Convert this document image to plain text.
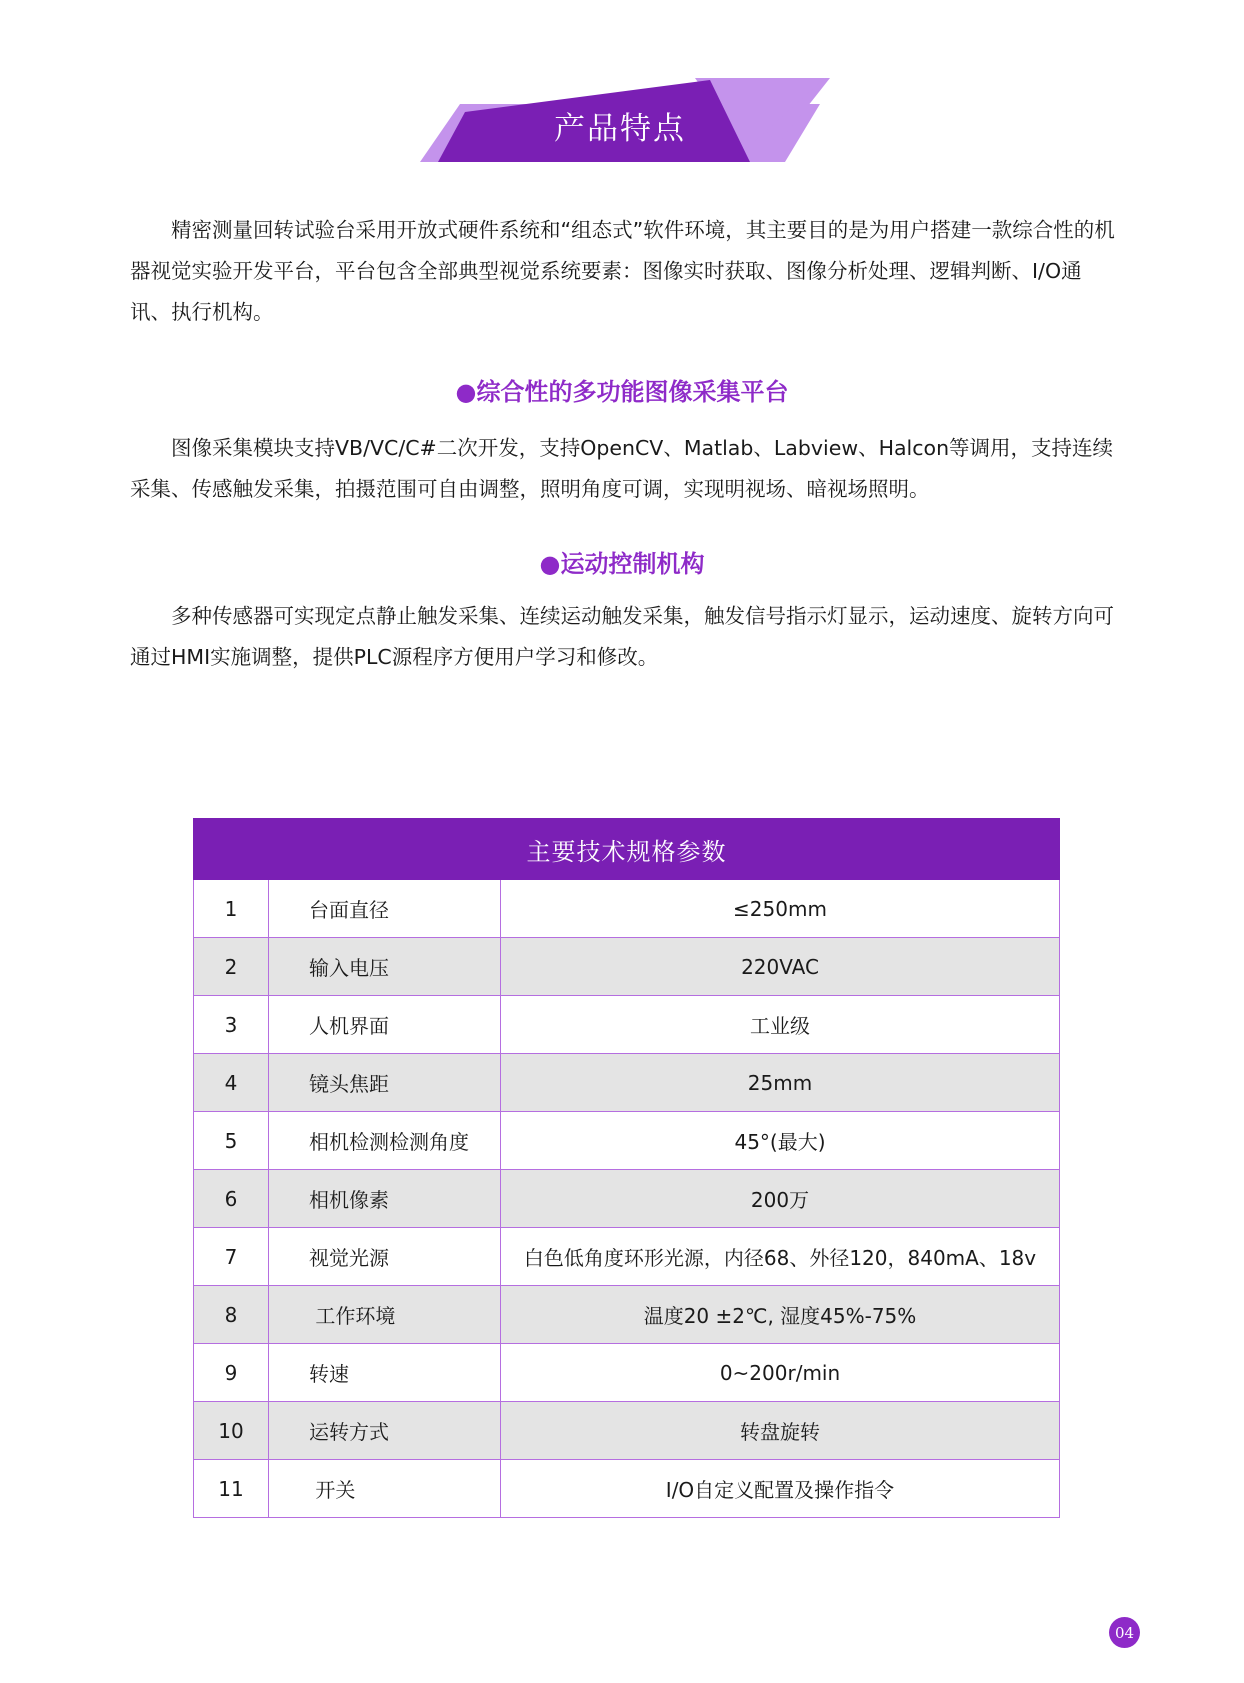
产品特点

精密测量回转试验台采用开放式硬件系统和“组态式”软件环境，其主要目的是为用户搭建一款综合性的机器视觉实验开发平台，平台包含全部典型视觉系统要素：图像实时获取、图像分析处理、逻辑判断、I/O通讯、执行机构。

●综合性的多功能图像采集平台

图像采集模块支持VB/VC/C#二次开发，支持OpenCV、Matlab、Labview、Halcon等调用，支持连续采集、传感触发采集，拍摄范围可自由调整，照明角度可调，实现明视场、暗视场照明。

●运动控制机构

多种传感器可实现定点静止触发采集、连续运动触发采集，触发信号指示灯显示，运动速度、旋转方向可通过HMI实施调整，提供PLC源程序方便用户学习和修改。

主要技术规格参数		
1	台面直径	≤250mm
2	输入电压	220VAC
3	人机界面	工业级
4	镜头焦距	25mm
5	相机检测检测角度	45°(最大)
6	相机像素	200万
7	视觉光源	白色低角度环形光源，内径68、外径120，840mA、18v
8	工作环境	温度20 ±2℃, 湿度45%-75%
9	转速	0~200r/min
10	运转方式	转盘旋转
11	开关	I/O自定义配置及操作指令
04
